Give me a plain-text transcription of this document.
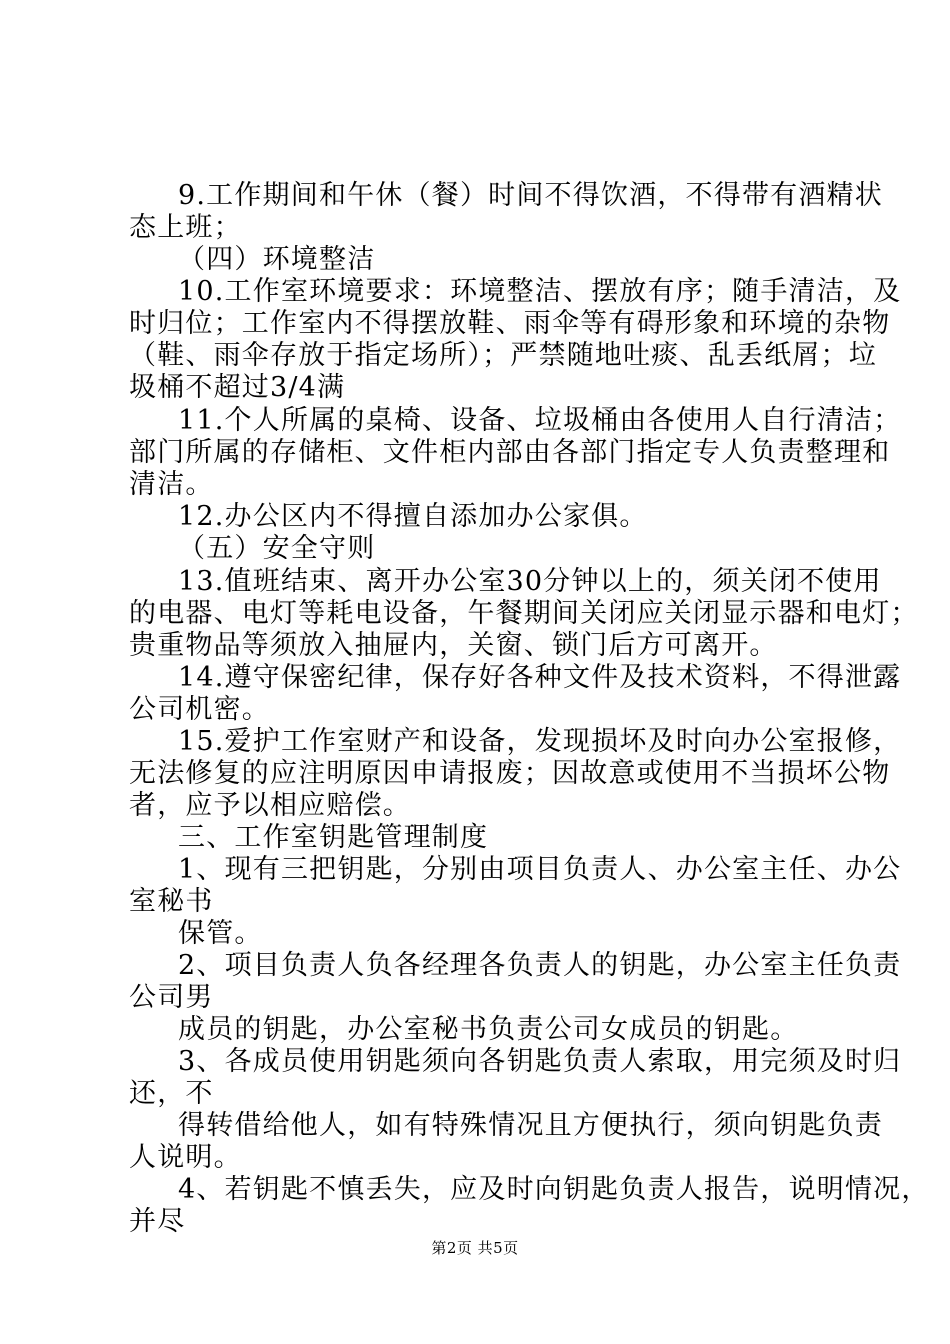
9.工作期间和午休（餐）时间不得饮酒，不得带有酒精状
态上班；
（四）环境整洁
10.工作室环境要求：环境整洁、摆放有序；随手清洁，及
时归位；工作室内不得摆放鞋、雨伞等有碍形象和环境的杂物
（鞋、雨伞存放于指定场所）；严禁随地吐痰、乱丢纸屑；垃
圾桶不超过3/4满
11.个人所属的桌椅、设备、垃圾桶由各使用人自行清洁；
部门所属的存储柜、文件柜内部由各部门指定专人负责整理和
清洁。
12.办公区内不得擅自添加办公家俱。
（五）安全守则
13.值班结束、离开办公室30分钟以上的，须关闭不使用
的电器、电灯等耗电设备，午餐期间关闭应关闭显示器和电灯；
贵重物品等须放入抽屉内，关窗、锁门后方可离开。
14.遵守保密纪律，保存好各种文件及技术资料，不得泄露
公司机密。
15.爱护工作室财产和设备，发现损坏及时向办公室报修，
无法修复的应注明原因申请报废；因故意或使用不当损坏公物
者，应予以相应赔偿。
三、工作室钥匙管理制度
1、现有三把钥匙，分别由项目负责人、办公室主任、办公
室秘书
保管。
2、项目负责人负各经理各负责人的钥匙，办公室主任负责
公司男
成员的钥匙，办公室秘书负责公司女成员的钥匙。
3、各成员使用钥匙须向各钥匙负责人索取，用完须及时归
还，不
得转借给他人，如有特殊情况且方便执行，须向钥匙负责
人说明。
4、若钥匙不慎丢失，应及时向钥匙负责人报告，说明情况，
并尽
第2页 共5页
